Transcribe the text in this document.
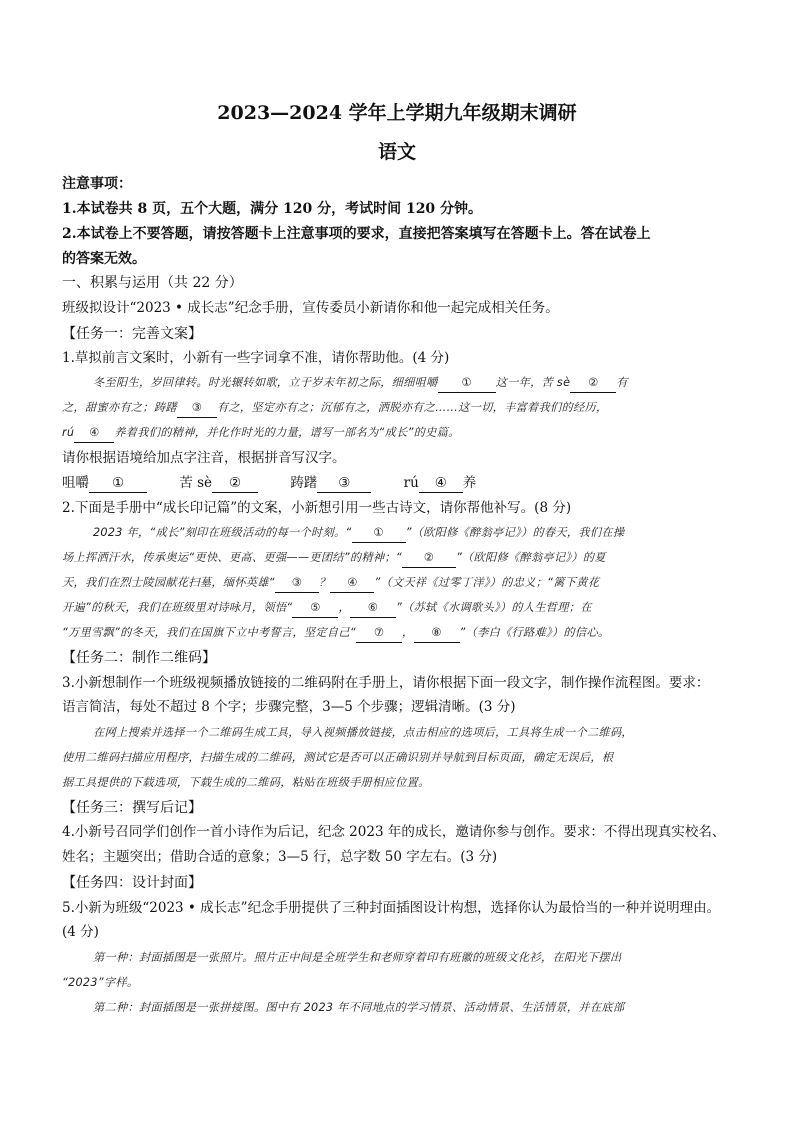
2023—2024 学年上学期九年级期末调研
语文
注意事项：
1.本试卷共 8 页，五个大题，满分 120 分，考试时间 120 分钟。
2.本试卷上不要答题，请按答题卡上注意事项的要求，直接把答案填写在答题卡上。答在试卷上
的答案无效。
一、积累与运用（共 22 分）
班级拟设计“2023 • 成长志”纪念手册，宣传委员小新请你和他一起完成相关任务。
【任务一：完善文案】
1.草拟前言文案时，小新有一些字词拿不准，请你帮助他。(4 分)
冬至阳生，岁回律转。时光辗转如歌，立于岁末年初之际，细细咀嚼 ① 这一年，苦 sè ② 有
之，甜蜜亦有之；踌躇 ③ 有之，坚定亦有之；沉郁有之，洒脱亦有之……这一切，丰富着我们的经历，
rú ④ 养着我们的精神，并化作时光的力量，谱写一部名为“成长”的史篇。
请你根据语境给加点字注音，根据拼音写汉字。
咀嚼 ①	苦 sè ②	踌躇 ③	rú ④ 养
2.下面是手册中“成长印记篇”的文案，小新想引用一些古诗文，请你帮他补写。(8 分)
2023 年，“成长”刻印在班级活动的每一个时刻。“ ① ”（欧阳修《醉翁亭记》）的春天，我们在操
场上挥洒汗水，传承奥运“更快、更高、更强——更团结”的精神；“ ② ”（欧阳修《醉翁亭记》）的夏
天，我们在烈士陵园献花扫墓，缅怀英雄“ ③ ？ ④ ”（文天祥《过零丁洋》）的忠义；“篱下黄花
开遍”的秋天，我们在班级里对诗咏月，领悟“ ⑤ ， ⑥ ”（苏轼《水调歌头》）的人生哲理；在
“万里雪飘”的冬天，我们在国旗下立中考誓言，坚定自己“ ⑦ ， ⑧ ”（李白《行路难》）的信心。
【任务二：制作二维码】
3.小新想制作一个班级视频播放链接的二维码附在手册上，请你根据下面一段文字，制作操作流程图。要求：
语言简洁，每处不超过 8 个字；步骤完整，3—5 个步骤；逻辑清晰。(3 分)
在网上搜索并选择一个二维码生成工具，导入视频播放链接，点击相应的选项后，工具将生成一个二维码，
使用二维码扫描应用程序，扫描生成的二维码，测试它是否可以正确识别并导航到目标页面，确定无误后，根
据工具提供的下载选项，下载生成的二维码，粘贴在班级手册相应位置。
【任务三：撰写后记】
4.小新号召同学们创作一首小诗作为后记，纪念 2023 年的成长，邀请你参与创作。要求：不得出现真实校名、
姓名；主题突出；借助合适的意象；3—5 行，总字数 50 字左右。(3 分)
【任务四：设计封面】
5.小新为班级“2023 • 成长志”纪念手册提供了三种封面插图设计构想，选择你认为最恰当的一种并说明理由。
(4 分)
第一种：封面插图是一张照片。照片正中间是全班学生和老师穿着印有班徽的班级文化衫，在阳光下摆出
“2023”字样。
第二种：封面插图是一张拼接图。图中有 2023 年不同地点的学习情景、活动情景、生活情景，并在底部
